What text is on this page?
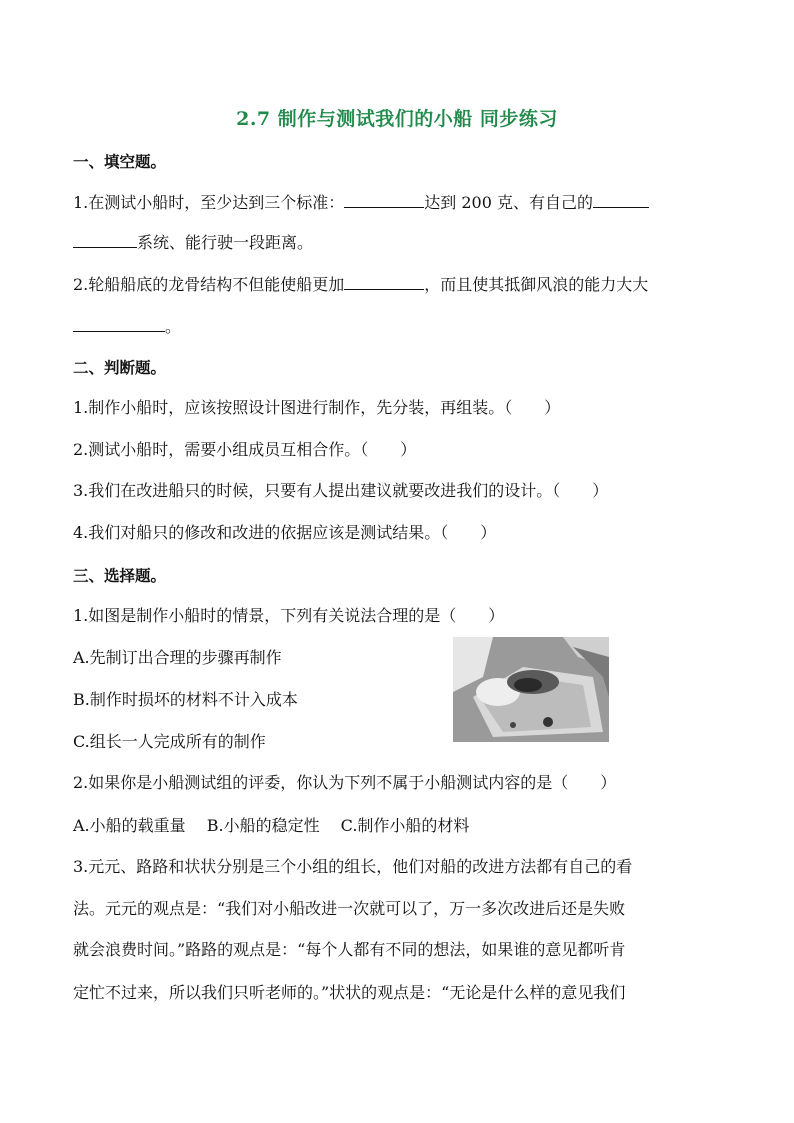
2.7 制作与测试我们的小船 同步练习
一、填空题。
1.在测试小船时，至少达到三个标准：	达到 200 克、有自己的
系统、能行驶一段距离。
2.轮船船底的龙骨结构不但能使船更加	，而且使其抵御风浪的能力大大
。
二、判断题。
1.制作小船时，应该按照设计图进行制作，先分装，再组装。（　　）
2.测试小船时，需要小组成员互相合作。（　　）
3.我们在改进船只的时候，只要有人提出建议就要改进我们的设计。（　　）
4.我们对船只的修改和改进的依据应该是测试结果。（　　）
三、选择题。
1.如图是制作小船时的情景，下列有关说法合理的是（　　）
A.先制订出合理的步骤再制作
B.制作时损坏的材料不计入成本
C.组长一人完成所有的制作
2.如果你是小船测试组的评委，你认为下列不属于小船测试内容的是（　　）
A.小船的载重量　 B.小船的稳定性　 C.制作小船的材料
3.元元、路路和状状分别是三个小组的组长，他们对船的改进方法都有自己的看
法。元元的观点是：“我们对小船改进一次就可以了，万一多次改进后还是失败
就会浪费时间。”路路的观点是：“每个人都有不同的想法，如果谁的意见都听肯
定忙不过来，所以我们只听老师的。”状状的观点是：“无论是什么样的意见我们
